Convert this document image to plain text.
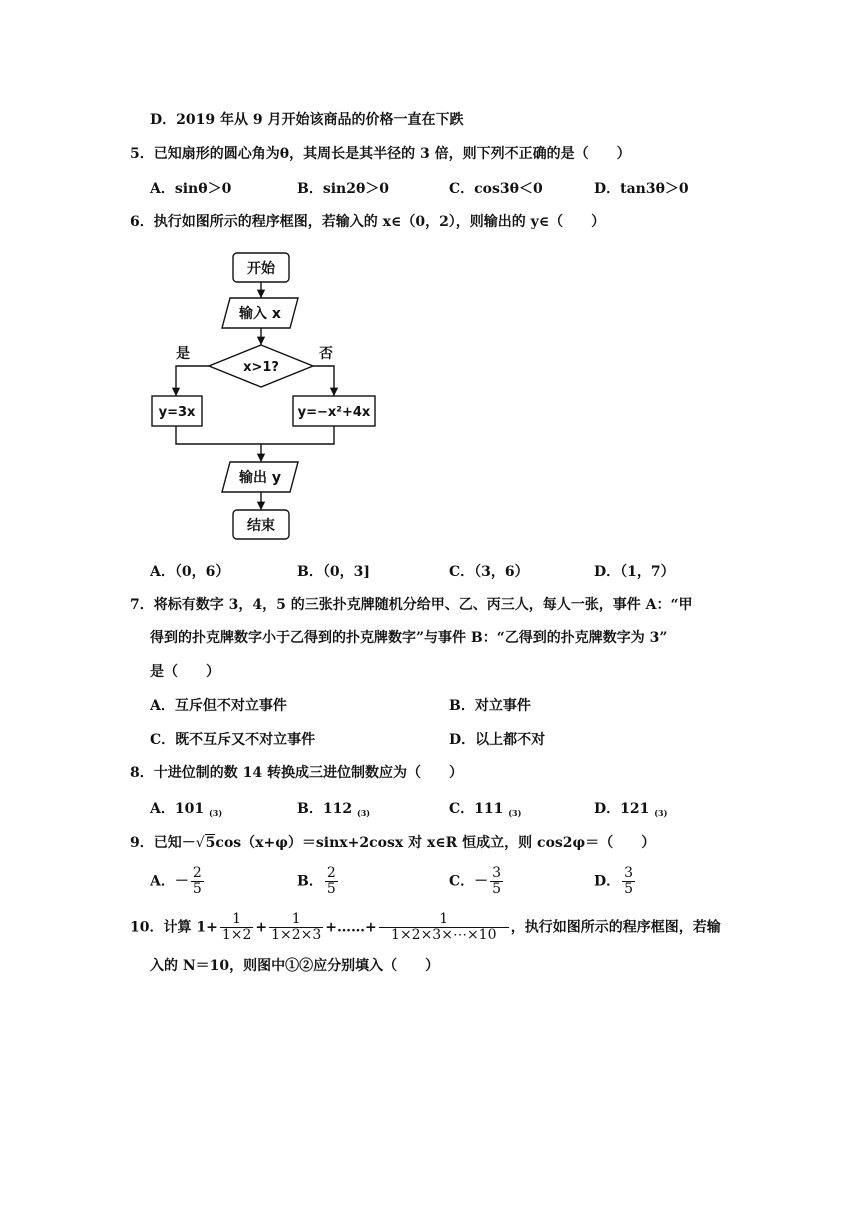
D．2019 年从 9 月开始该商品的价格一直在下跌
5．已知扇形的圆心角为θ，其周长是其半径的 3 倍，则下列不正确的是（　　）
A．sinθ＞0	B．sin2θ＞0	C．cos3θ＜0	D．tan3θ＞0
6．执行如图所示的程序框图，若输入的 x∈（0，2），则输出的 y∈（　　）
开始
输入 x
x>1?
是	否
y=3x	y=−x²+4x
输出 y
结束
A．（0，6）	B．（0，3]	C．（3，6）	D．（1，7）
7．将标有数字 3，4，5 的三张扑克牌随机分给甲、乙、丙三人，每人一张，事件 A：“甲
得到的扑克牌数字小于乙得到的扑克牌数字”与事件 B：“乙得到的扑克牌数字为 3”
是（　　）
A．互斥但不对立事件	B．对立事件
C．既不互斥又不对立事件	D．以上都不对
8．十进位制的数 14 转换成三进位制数应为（　　）
A．101 $_{(3)}$	B．112 $_{(3)}$	C．111 $_{(3)}$	D．121 $_{(3)}$
9．已知－√5cos（x+φ）＝sinx+2cosx 对 x∈R 恒成立，则 cos2φ＝（　　）
A．－ $\frac{2}{5}$	B． $\frac{2}{5}$	C．－ $\frac{3}{5}$	D． $\frac{3}{5}$
10．计算 $1+ \frac{1}{1\times 2} + \frac{1}{1\times 2\times 3}$ +……+ $\frac{1}{1\times 2\times 3\times\cdots\times 10}$ ，执行如图所示的程序框图，若输
入的 N＝10，则图中①②应分别填入（　　）
